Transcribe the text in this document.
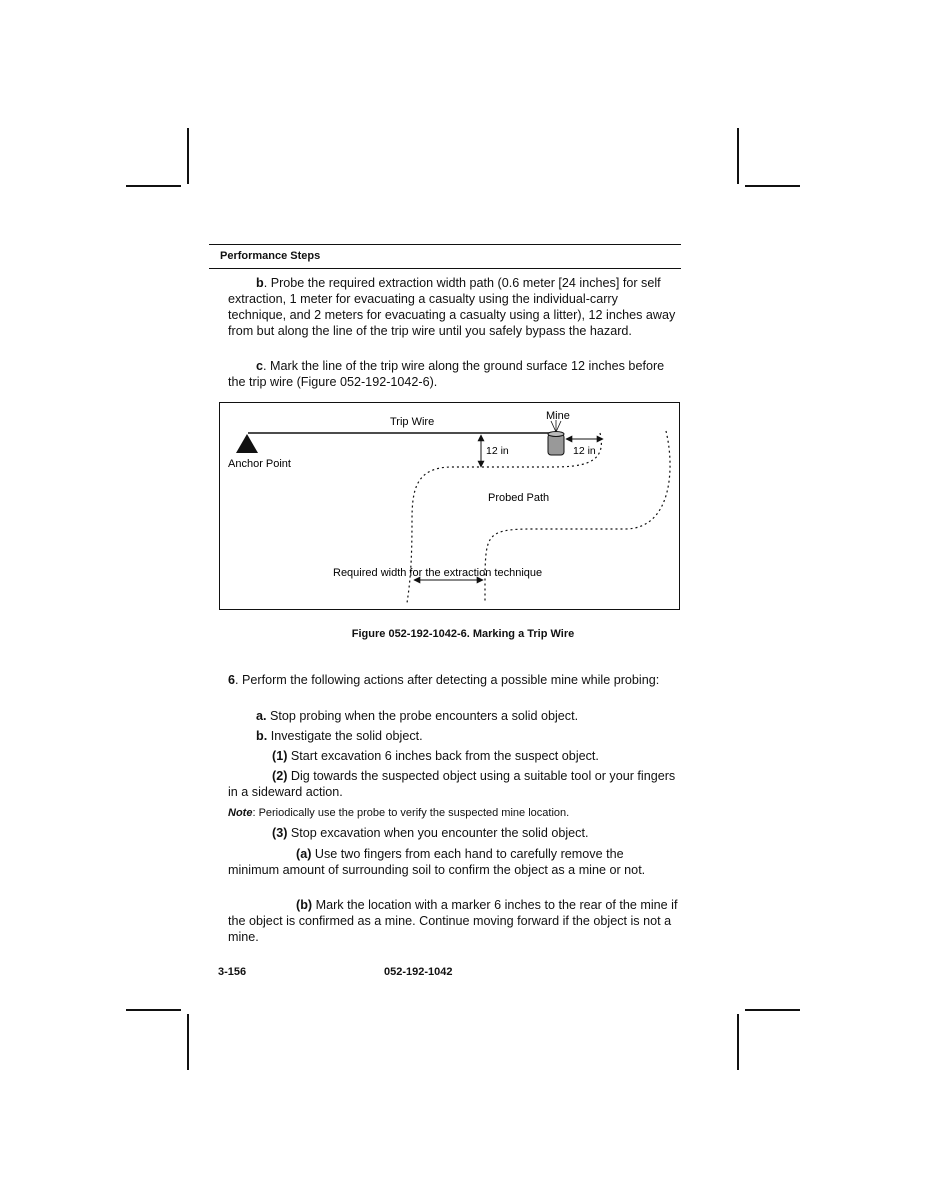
Performance Steps

b. Probe the required extraction width path (0.6 meter [24 inches] for self extraction, 1 meter for evacuating a casualty using the individual-carry technique, and 2 meters for evacuating a casualty using a litter), 12 inches away from but along the line of the trip wire until you safely bypass the hazard.

c. Mark the line of the trip wire along the ground surface 12 inches before the trip wire (Figure 052-192-1042-6).

Trip Wire	Mine
Anchor Point
12 in	12 in
Probed Path
Required width for the extraction technique
Figure 052-192-1042-6. Marking a Trip Wire

6. Perform the following actions after detecting a possible mine while probing:

a. Stop probing when the probe encounters a solid object.

b. Investigate the solid object.

(1) Start excavation 6 inches back from the suspect object.

(2) Dig towards the suspected object using a suitable tool or your fingers in a sideward action.

Note: Periodically use the probe to verify the suspected mine location.

(3) Stop excavation when you encounter the solid object.

(a) Use two fingers from each hand to carefully remove the minimum amount of surrounding soil to confirm the object as a mine or not.

(b) Mark the location with a marker 6 inches to the rear of the mine if the object is confirmed as a mine. Continue moving forward if the object is not a mine.

3-156	052-192-1042
